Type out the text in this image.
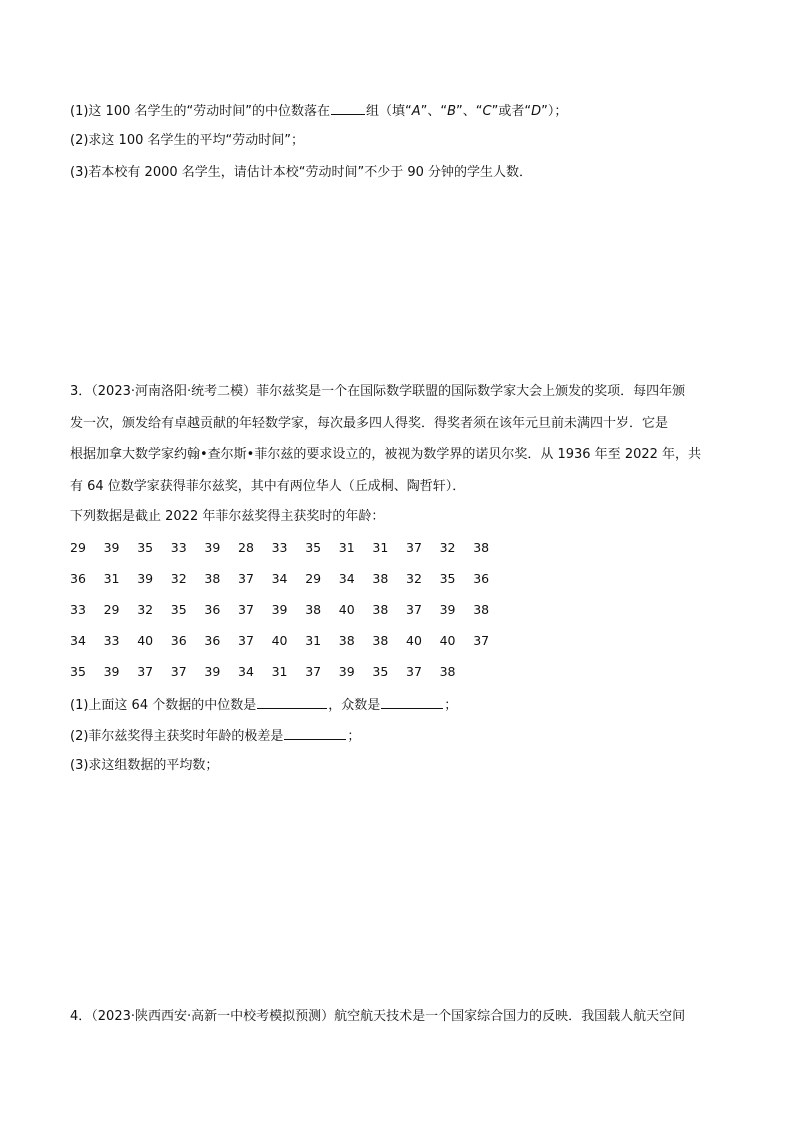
(1)这 100 名学生的“劳动时间”的中位数落在	组（填“A”、“B”、“C”或者“D”）；
(2)求这 100 名学生的平均“劳动时间”；
(3)若本校有 2000 名学生，请估计本校“劳动时间”不少于 90 分钟的学生人数．
3．（2023·河南洛阳·统考二模）菲尔兹奖是一个在国际数学联盟的国际数学家大会上颁发的奖项．每四年颁
发一次，颁发给有卓越贡献的年轻数学家，每次最多四人得奖．得奖者须在该年元旦前未满四十岁．它是
根据加拿大数学家约翰•查尔斯•菲尔兹的要求设立的，被视为数学界的诺贝尔奖．从 1936 年至 2022 年，共
有 64 位数学家获得菲尔兹奖，其中有两位华人（丘成桐、陶哲轩）．
下列数据是截止 2022 年菲尔兹奖得主获奖时的年龄：
29	39	35	33	39	28	33	35	31	31	37	32	38
36	31	39	32	38	37	34	29	34	38	32	35	36
33	29	32	35	36	37	39	38	40	38	37	39	38
34	33	40	36	36	37	40	31	38	38	40	40	37
35	39	37	37	39	34	31	37	39	35	37	38
(1)上面这 64 个数据的中位数是	，众数是	；
(2)菲尔兹奖得主获奖时年龄的极差是	；
(3)求这组数据的平均数；
4．（2023·陕西西安·高新一中校考模拟预测）航空航天技术是一个国家综合国力的反映．我国载人航天空间
